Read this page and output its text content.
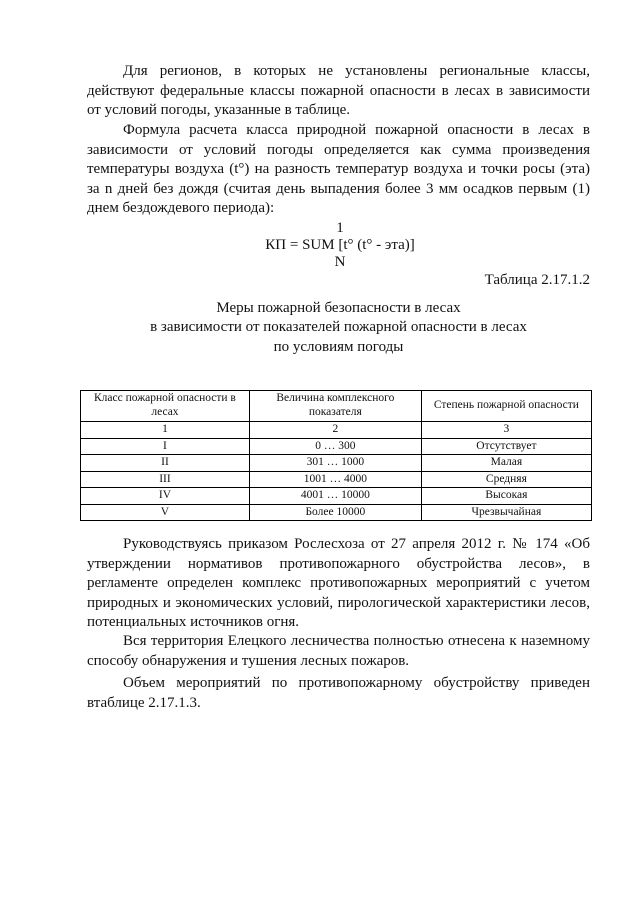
Для регионов, в которых не установлены региональные классы, действуют федеральные классы пожарной опасности в лесах в зависимости от условий погоды, указанные в таблице.

Формула расчета класса природной пожарной опасности в лесах в зависимости от условий погоды определяется как сумма произведения температуры воздуха (t°) на разность температур воздуха и точки росы (эта) за n дней без дождя (считая день выпадения более 3 мм осадков первым (1) днем бездождевого периода):

1

КП = SUM [t° (t° - эта)]

N

Таблица 2.17.1.2

Меры пожарной безопасности в лесах

в зависимости от показателей пожарной опасности в лесах

по условиям погоды

Класс пожарной опасности в лесах	Величина комплексного показателя	Степень пожарной опасности
1	2	3
I	0 … 300	Отсутствует
II	301 … 1000	Малая
III	1001 … 4000	Средняя
IV	4001 … 10000	Высокая
V	Более 10000	Чрезвычайная

Руководствуясь приказом Рослесхоза от 27 апреля 2012 г. № 174 «Об утверждении нормативов противопожарного обустройства лесов», в регламенте определен комплекс противопожарных мероприятий с учетом природных и экономических условий, пирологической характеристики лесов, потенциальных источников огня.

Вся территория Елецкого лесничества полностью отнесена к наземному способу обнаружения и тушения лесных пожаров.

Объем мероприятий по противопожарному обустройству приведен втаблице 2.17.1.3.
